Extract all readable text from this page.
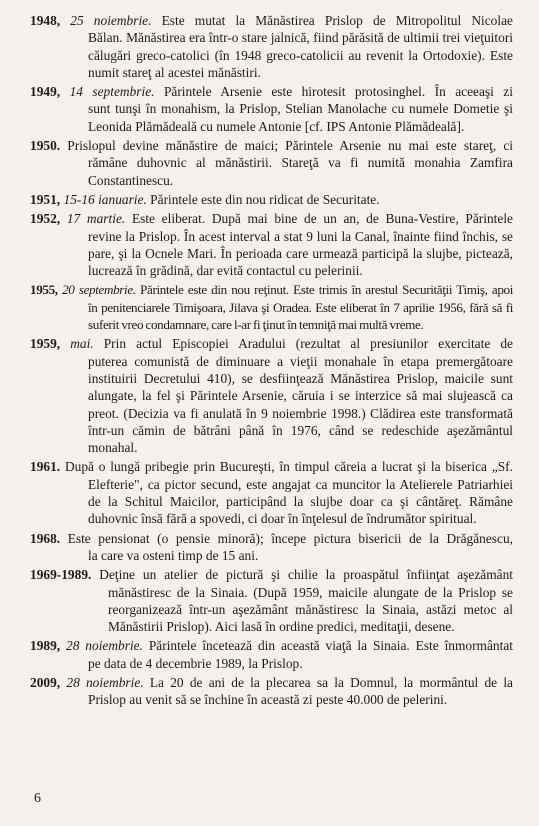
1948, 25 noiembrie. Este mutat la Mănăstirea Prislop de Mitropolitul Nicolae
Bălan. Mănăstirea era într-o stare jalnică, fiind părăsită de ultimii trei vieţuitori călugări greco-catolici (în 1948 greco-catolicii au revenit la Ortodoxie). Este numit stareţ al acestei mănăstiri.

1949, 14 septembrie. Părintele Arsenie este hirotesit protosinghel. În aceeaşi zi
sunt tunşi în monahism, la Prislop, Stelian Manolache cu numele Dometie şi Leonida Plămădeală cu numele Antonie [cf. IPS Antonie Plămădeală].

1950. Prislopul devine mănăstire de maici; Părintele Arsenie nu mai este stareţ, ci
rămâne duhovnic al mănăstirii. Stareţă va fi numită monahia Zamfira Constantinescu.

1951, 15-16 ianuarie. Părintele este din nou ridicat de Securitate.

1952, 17 martie. Este eliberat. După mai bine de un an, de Buna-Vestire, Părintele
revine la Prislop. În acest interval a stat 9 luni la Canal, înainte fiind închis, se pare, şi la Ocnele Mari. În perioada care urmează participă la slujbe, pictează, lucrează în grădină, dar evită contactul cu pelerinii.

1955, 20 septembrie. Părintele este din nou reţinut. Este trimis în arestul Securităţii Timiş, apoi
în penitenciarele Timişoara, Jilava şi Oradea. Este eliberat în 7 aprilie 1956, fără să fi suferit vreo condamnare, care l-ar fi ţinut în temniţă mai multă vreme.

1959, mai. Prin actul Episcopiei Aradului (rezultat al presiunilor exercitate de
puterea comunistă de diminuare a vieţii monahale în etapa premergătoare instituirii Decretului 410), se desfiinţează Mănăstirea Prislop, maicile sunt alungate, la fel şi Părintele Arsenie, căruia i se interzice să mai slujească ca preot. (Decizia va fi anulată în 9 noiembrie 1998.) Clădirea este transformată într-un cămin de bătrâni până în 1976, când se redeschide aşezământul monahal.

1961. După o lungă pribegie prin Bucureşti, în timpul căreia a lucrat şi la biserica „Sf.
Elefterie", ca pictor secund, este angajat ca muncitor la Atelierele Patriarhiei de la Schitul Maicilor, participând la slujbe doar ca şi cântăreţ. Rămâne duhovnic însă fără a spovedi, ci doar în înţelesul de îndrumător spiritual.

1968. Este pensionat (o pensie minoră); începe pictura bisericii de la Drăgănescu,
la care va osteni timp de 15 ani.

1969-1989. Deţine un atelier de pictură şi chilie la proaspătul înfiinţat aşezământ
mănăstiresc de la Sinaia. (După 1959, maicile alungate de la Prislop se reorganizează într-un aşezământ mănăstiresc la Sinaia, astăzi metoc al Mănăstirii Prislop). Aici lasă în ordine predici, meditaţii, desene.

1989, 28 noiembrie. Părintele încetează din această viaţă la Sinaia. Este înmormântat
pe data de 4 decembrie 1989, la Prislop.

2009, 28 noiembrie. La 20 de ani de la plecarea sa la Domnul, la mormântul de la
Prislop au venit să se închine în această zi peste 40.000 de pelerini.

6
